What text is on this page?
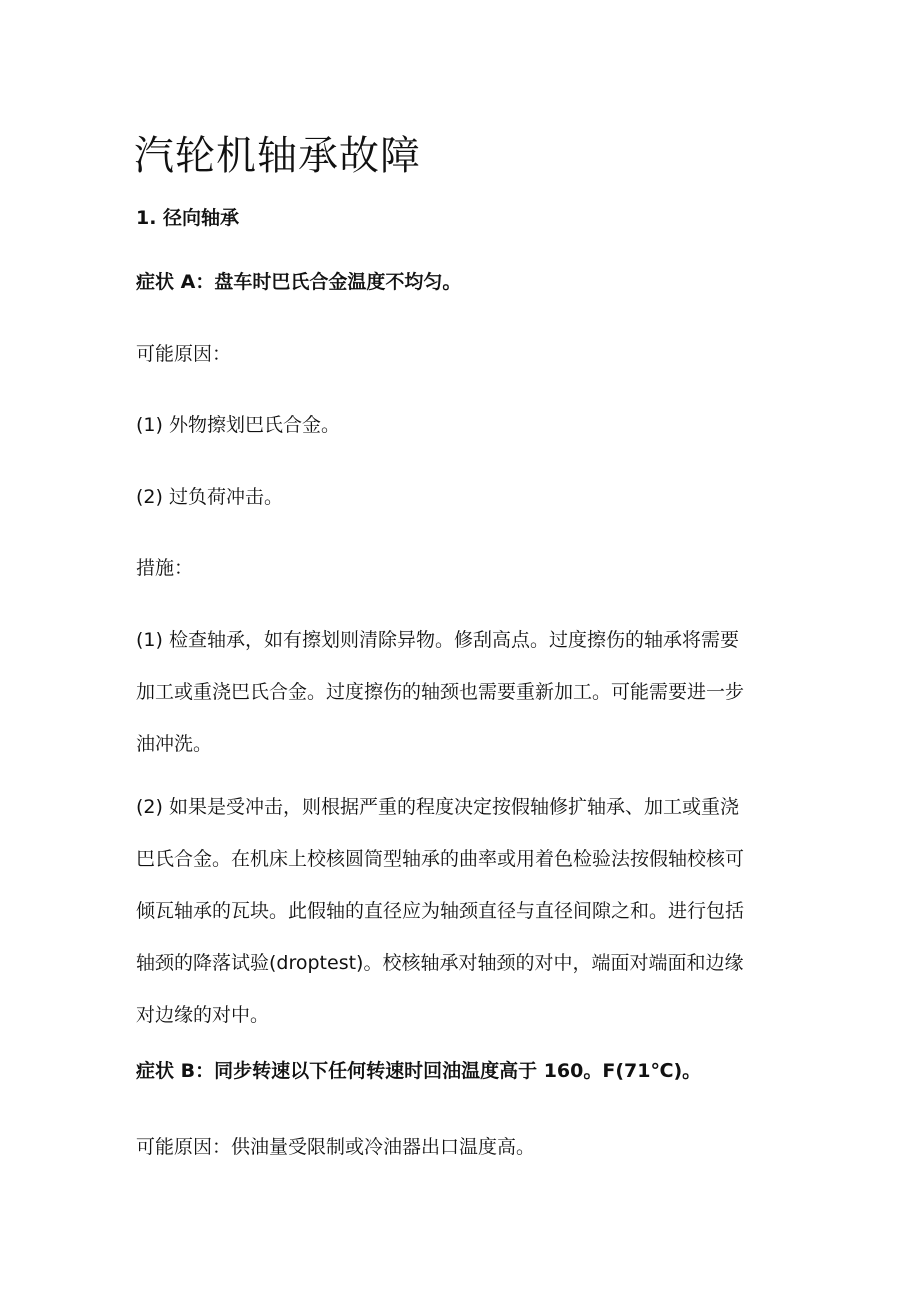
汽轮机轴承故障

1. 径向轴承

症状 A：盘车时巴氏合金温度不均匀。

可能原因：

(1) 外物擦划巴氏合金。

(2) 过负荷冲击。

措施：

(1) 检查轴承，如有擦划则清除异物。修刮高点。过度擦伤的轴承将需要
加工或重浇巴氏合金。过度擦伤的轴颈也需要重新加工。可能需要进一步
油冲洗。
(2) 如果是受冲击，则根据严重的程度决定按假轴修扩轴承、加工或重浇
巴氏合金。在机床上校核圆筒型轴承的曲率或用着色检验法按假轴校核可
倾瓦轴承的瓦块。此假轴的直径应为轴颈直径与直径间隙之和。进行包括
轴颈的降落试验(droptest)。校核轴承对轴颈的对中，端面对端面和边缘
对边缘的对中。

症状 B：同步转速以下任何转速时回油温度高于 160。F(71℃)。

可能原因：供油量受限制或冷油器出口温度高。
